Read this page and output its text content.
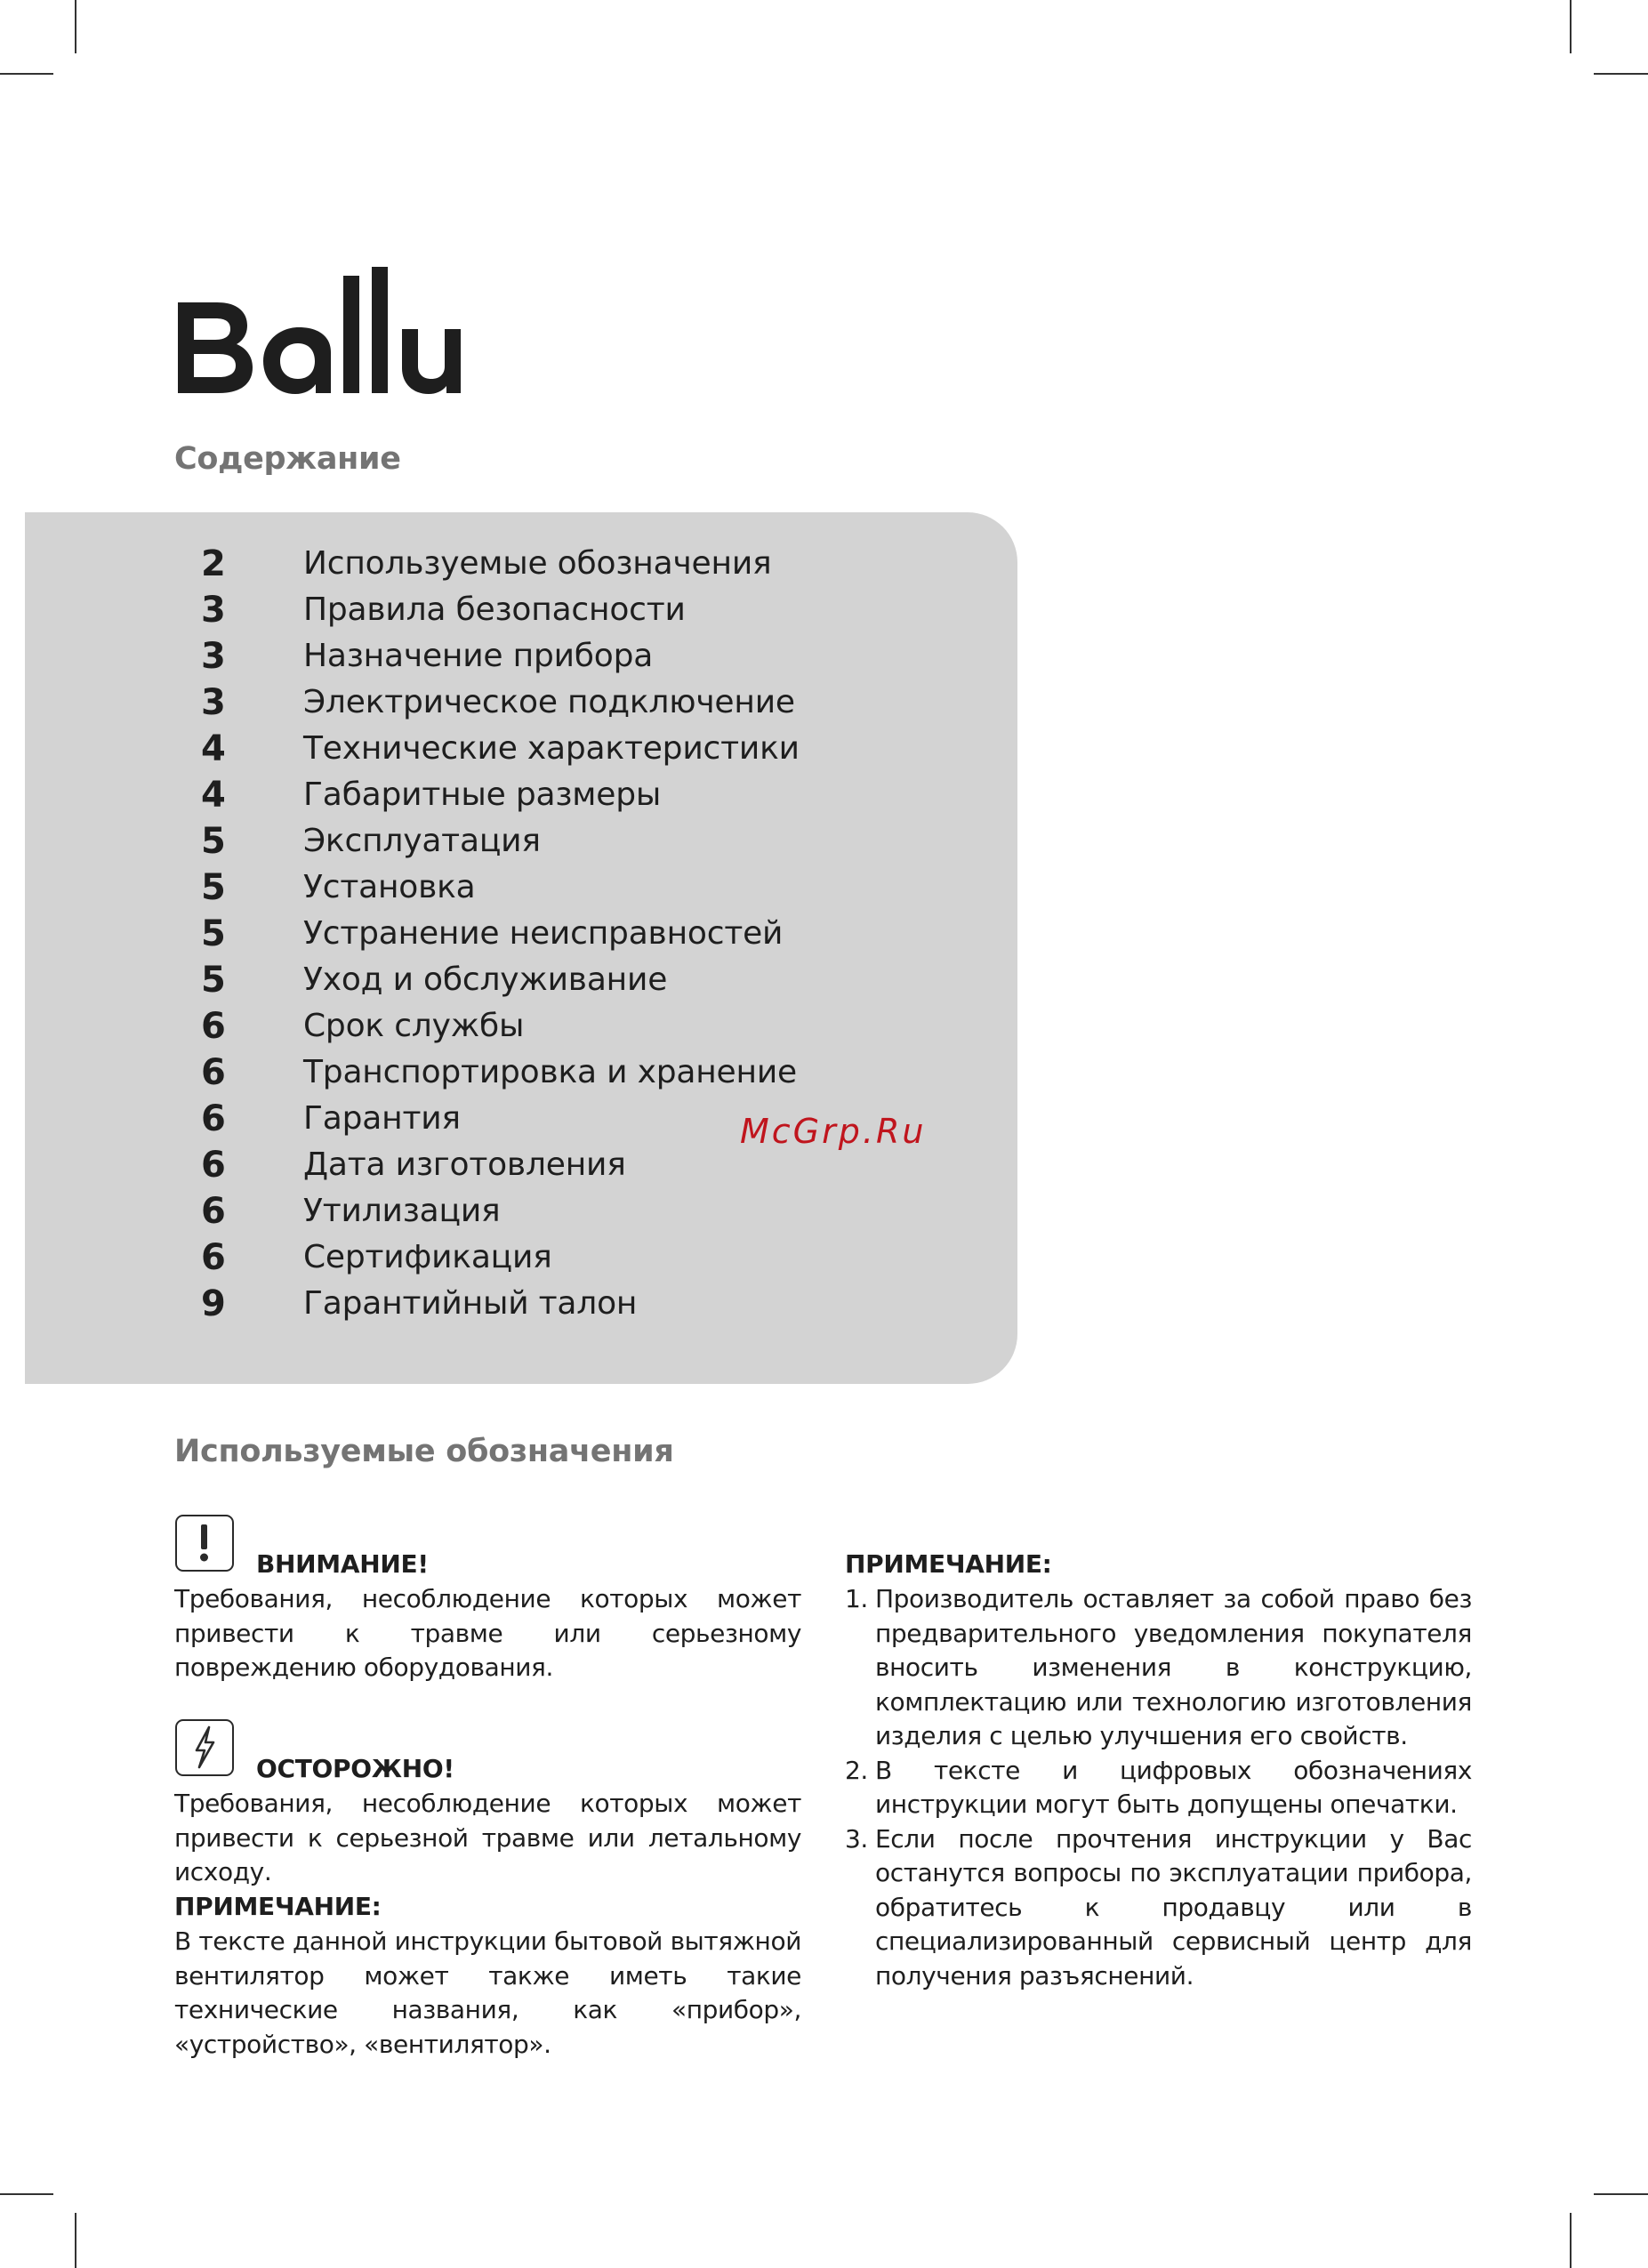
Содержание
2	Используемые обозначения
3	Правила безопасности
3	Назначение прибора
3	Электрическое подключение
4	Технические характеристики
4	Габаритные размеры
5	Эксплуатация
5	Установка
5	Устранение неисправностей
5	Уход и обслуживание
6	Срок службы
6	Транспортировка и хранение
6	Гарантия
6	Дата изготовления
6	Утилизация
6	Сертификация
9	Гарантийный талон
McGrp.Ru
Используемые обозначения
ВНИМАНИЕ!
Требования, несоблюдение которых может привести к травме или серьезному повреждению оборудования.
ОСТОРОЖНО!
Требования, несоблюдение которых может привести к серьезной травме или летальному исходу.
ПРИМЕЧАНИЕ:
В тексте данной инструкции бытовой вытяжной вентилятор может также иметь такие технические названия, как «прибор», «устройство», «вентилятор».
ПРИМЕЧАНИЕ:
1. Производитель оставляет за собой право без предварительного уведомления покупателя вносить изменения в конструкцию, комплектацию или технологию изготовления изделия с целью улучшения его свойств.
2. В тексте и цифровых обозначениях инструкции могут быть допущены опечатки.
3. Если после прочтения инструкции у Вас останутся вопросы по эксплуатации прибора, обратитесь к продавцу или в специализированный сервисный центр для получения разъяснений.
